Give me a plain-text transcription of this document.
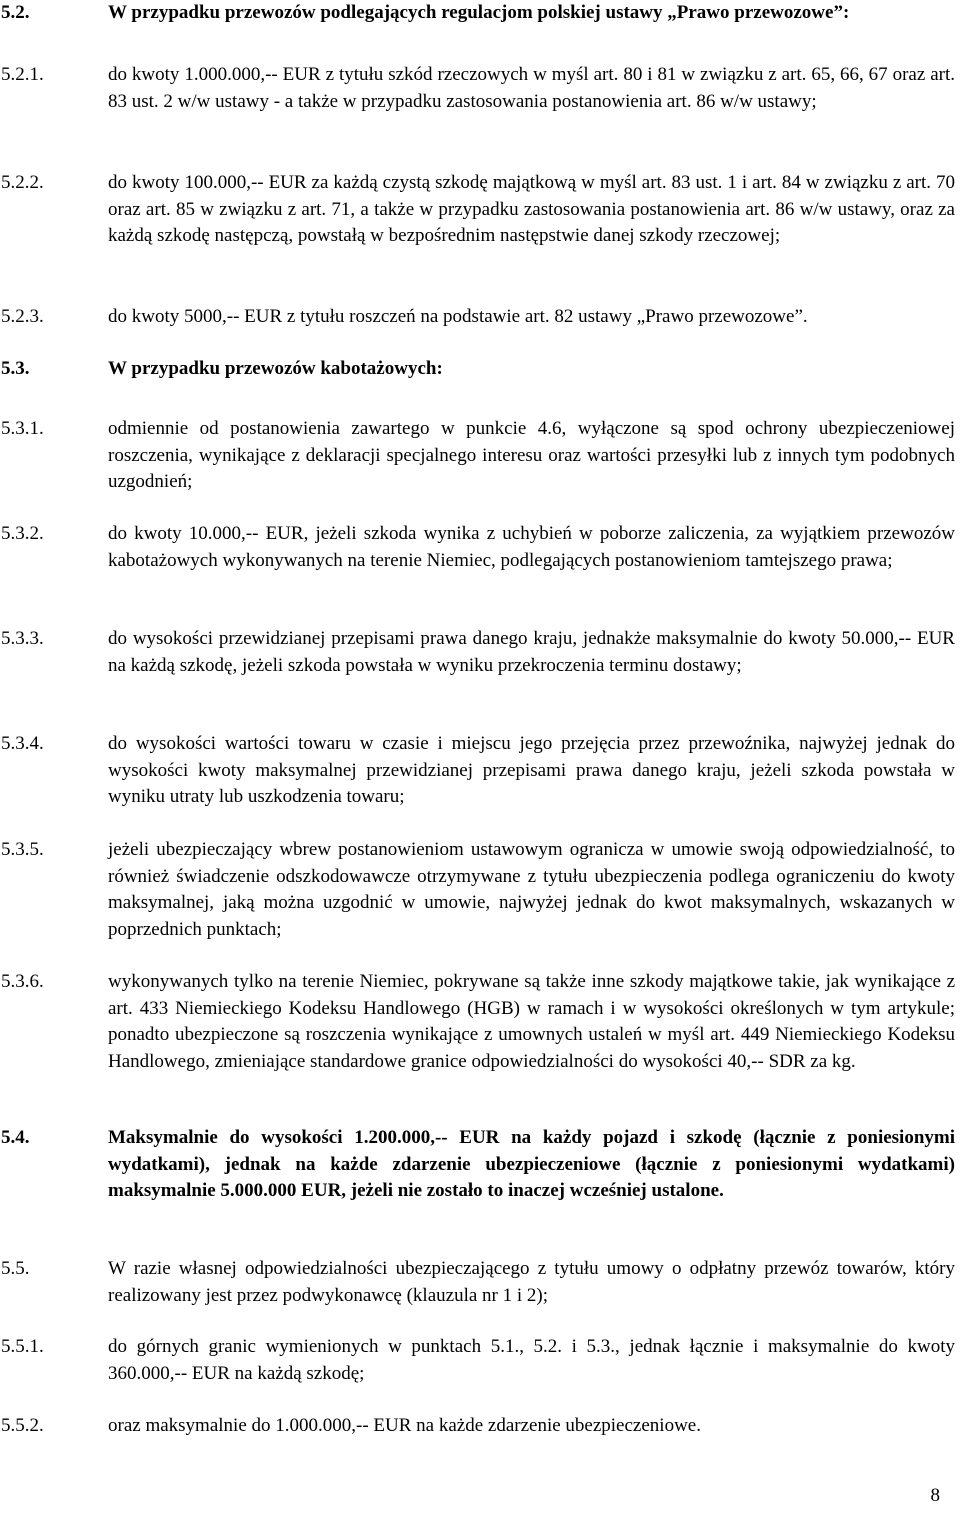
5.2.	W przypadku przewozów podlegających regulacjom polskiej ustawy „Prawo przewozowe”:
5.2.1.	do kwoty 1.000.000,-- EUR z tytułu szkód rzeczowych w myśl art. 80 i 81 w związku z art. 65, 66, 67 oraz art. 83 ust. 2 w/w ustawy - a także w przypadku zastosowania postanowienia art. 86 w/w ustawy;
5.2.2.	do kwoty 100.000,-- EUR za każdą czystą szkodę majątkową w myśl art. 83 ust. 1 i art. 84 w związku z art. 70 oraz art. 85 w związku z art. 71, a także w przypadku zastosowania postanowienia art. 86 w/w ustawy, oraz za każdą szkodę następczą, powstałą w bezpośrednim następstwie danej szkody rzeczowej;
5.2.3.	do kwoty 5000,-- EUR z tytułu roszczeń na podstawie art. 82 ustawy „Prawo przewozowe”.
5.3.	W przypadku przewozów kabotażowych:
5.3.1.	odmiennie od postanowienia zawartego w punkcie 4.6, wyłączone są spod ochrony ubezpieczeniowej roszczenia, wynikające z deklaracji specjalnego interesu oraz wartości przesyłki lub z innych tym podobnych uzgodnień;
5.3.2.	do kwoty 10.000,-- EUR, jeżeli szkoda wynika z uchybień w poborze zaliczenia, za wyjątkiem przewozów kabotażowych wykonywanych na terenie Niemiec, podlegających postanowieniom tamtejszego prawa;
5.3.3.	do wysokości przewidzianej przepisami prawa danego kraju, jednakże maksymalnie do kwoty 50.000,-- EUR na każdą szkodę, jeżeli szkoda powstała w wyniku przekroczenia terminu dostawy;
5.3.4.	do wysokości wartości towaru w czasie i miejscu jego przejęcia przez przewoźnika, najwyżej jednak do wysokości kwoty maksymalnej przewidzianej przepisami prawa danego kraju, jeżeli szkoda powstała w wyniku utraty lub uszkodzenia towaru;
5.3.5.	jeżeli ubezpieczający wbrew postanowieniom ustawowym ogranicza w umowie swoją odpowiedzialność, to również świadczenie odszkodowawcze otrzymywane z tytułu ubezpieczenia podlega ograniczeniu do kwoty maksymalnej, jaką można uzgodnić w umowie, najwyżej jednak do kwot maksymalnych, wskazanych w poprzednich punktach;
5.3.6.	wykonywanych tylko na terenie Niemiec, pokrywane są także inne szkody majątkowe takie, jak wynikające z art. 433 Niemieckiego Kodeksu Handlowego (HGB) w ramach i w wysokości określonych w tym artykule; ponadto ubezpieczone są roszczenia wynikające z umownych ustaleń w myśl art. 449 Niemieckiego Kodeksu Handlowego, zmieniające standardowe granice odpowiedzialności do wysokości 40,-- SDR za kg.
5.4.	Maksymalnie do wysokości 1.200.000,-- EUR na każdy pojazd i szkodę (łącznie z poniesionymi wydatkami), jednak na każde zdarzenie ubezpieczeniowe (łącznie z poniesionymi wydatkami) maksymalnie 5.000.000 EUR, jeżeli nie zostało to inaczej wcześniej ustalone.
5.5.	W razie własnej odpowiedzialności ubezpieczającego z tytułu umowy o odpłatny przewóz towarów, który realizowany jest przez podwykonawcę (klauzula nr 1 i 2);
5.5.1.	do górnych granic wymienionych w punktach 5.1., 5.2. i 5.3., jednak łącznie i maksymalnie do kwoty 360.000,-- EUR na każdą szkodę;
5.5.2.	oraz maksymalnie do 1.000.000,-- EUR na każde zdarzenie ubezpieczeniowe.
8
